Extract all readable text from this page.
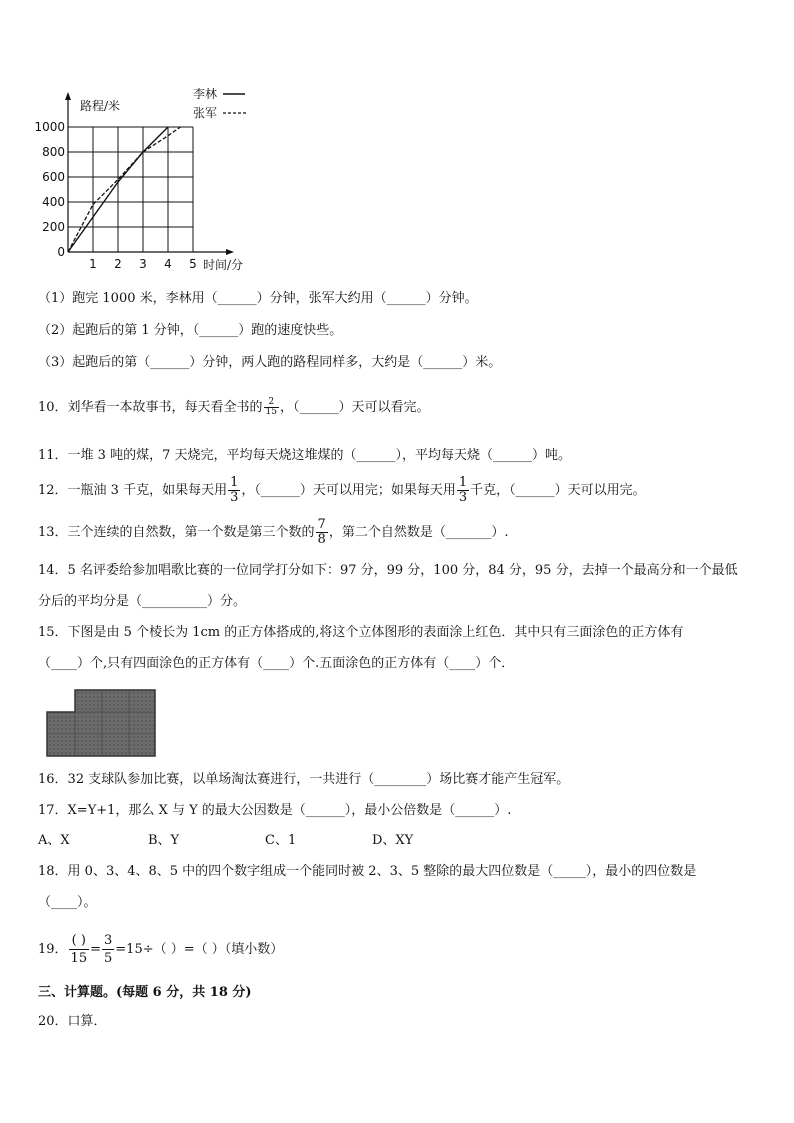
1 2 3 4 5
0
200
400
600
800
1000
路程/米
时间/分
李林
张军
（1）跑完 1000 米，李林用（______）分钟，张军大约用（______）分钟。
（2）起跑后的第 1 分钟，（______）跑的速度快些。
（3）起跑后的第（______）分钟，两人跑的路程同样多，大约是（______）米。
10．刘华看一本故事书，每天看全书的 $\frac{2}{15}$ ，（______）天可以看完。
11．一堆 3 吨的煤，7 天烧完，平均每天烧这堆煤的（______），平均每天烧（______）吨。
12．一瓶油 3 千克，如果每天用 $\frac{1}{3}$ ，（______）天可以用完；如果每天用 $\frac{1}{3}$ 千克，（______）天可以用完。
13．三个连续的自然数，第一个数是第三个数的 $\frac{7}{8}$ ，第二个自然数是（_______）.
14．5 名评委给参加唱歌比赛的一位同学打分如下：97 分，99 分，100 分，84 分，95 分，去掉一个最高分和一个最低
分后的平均分是（__________）分。
15．下图是由 5 个棱长为 1cm 的正方体搭成的,将这个立体图形的表面涂上红色．其中只有三面涂色的正方体有
（____）个,只有四面涂色的正方体有（____）个.五面涂色的正方体有（____）个．
16．32 支球队参加比赛，以单场淘汰赛进行，一共进行（________）场比赛才能产生冠军。
17．X=Y+1，那么 X 与 Y 的最大公因数是（______），最小公倍数是（______）.
A、X	B、Y	C、1	D、XY
18．用 0、3、4、8、5 中的四个数字组成一个能同时被 2、3、5 整除的最大四位数是（_____），最小的四位数是
（____）。
19． $\frac{( )}{15} = \frac{3}{5} =15\div$（ ）=（ ）（填小数）
三、计算题。(每题 6 分，共 18 分)
20．口算．
